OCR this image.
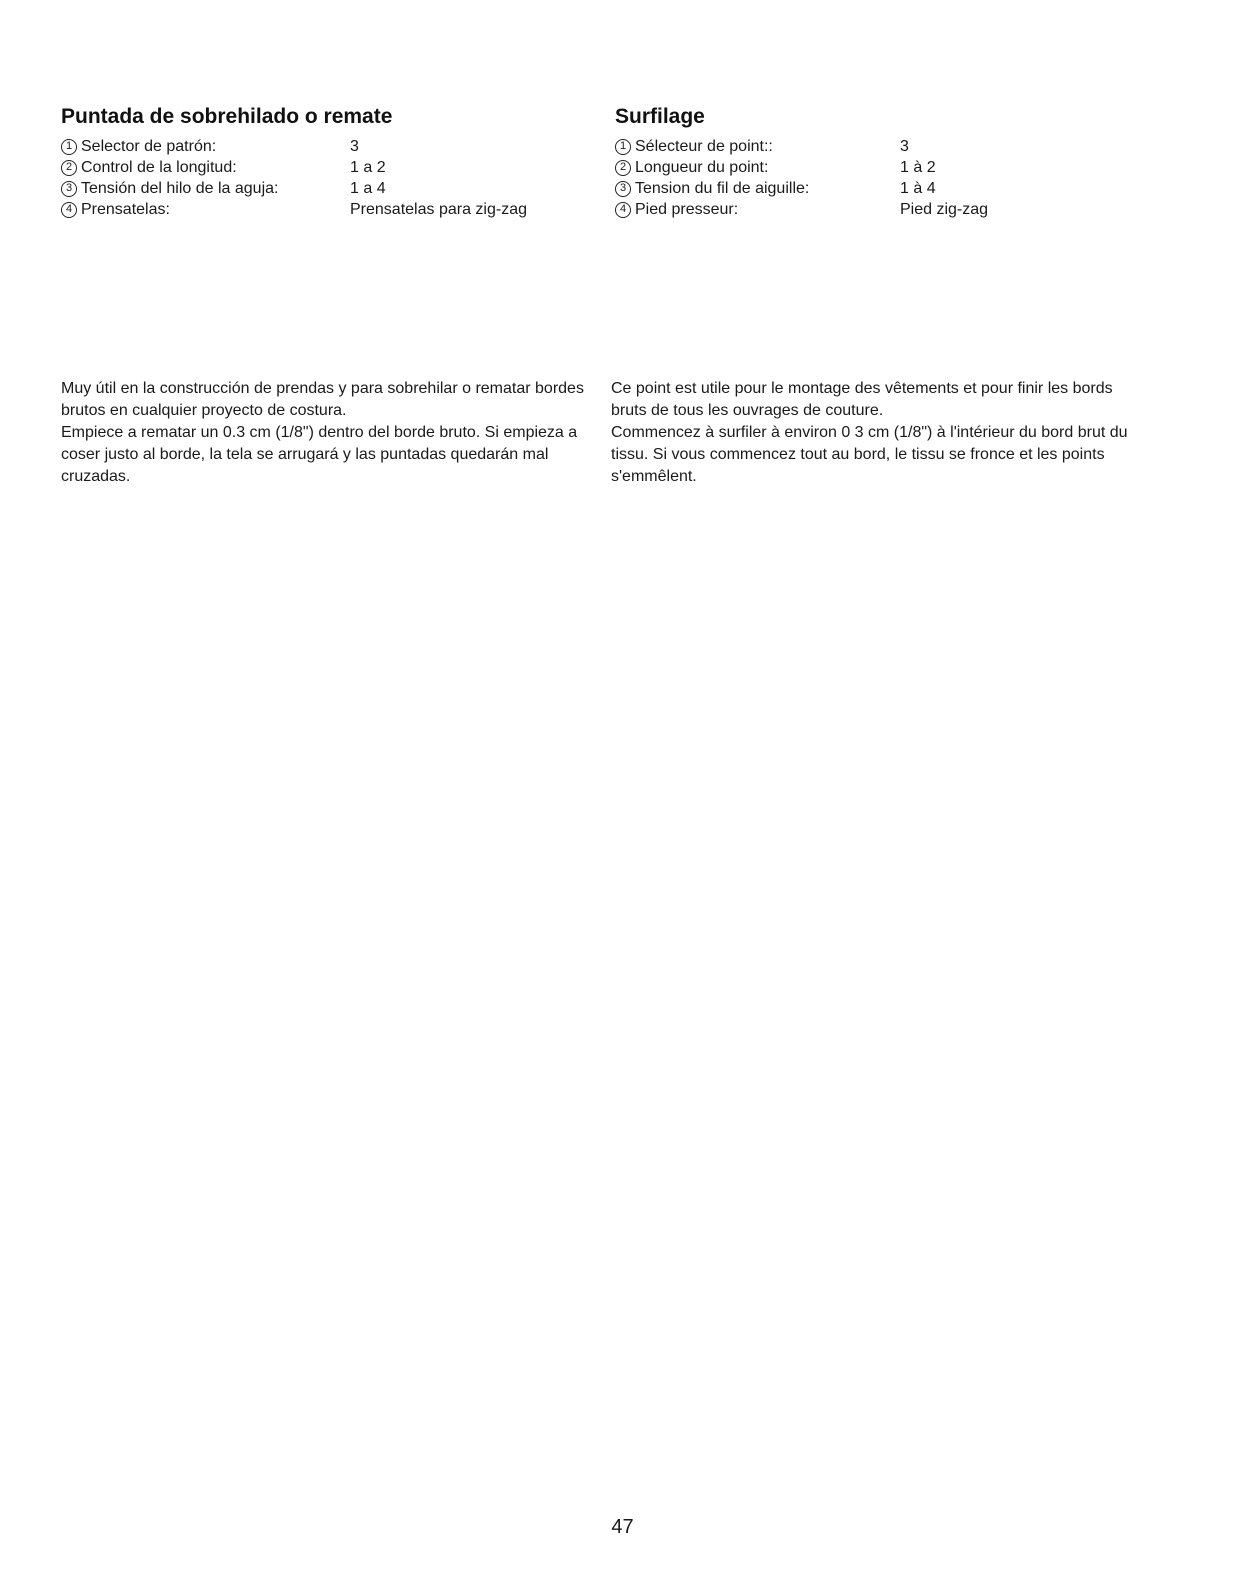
Puntada de sobrehilado o remate
1 Selector de patrón:	3
2 Control de la longitud:	1 a 2
3 Tensión del hilo de la aguja:	1 a 4
4 Prensatelas:	Prensatelas para zig-zag
Surfilage
1 Sélecteur de point::	3
2 Longueur du point:	1 à 2
3 Tension du fil de aiguille:	1 à 4
4 Pied presseur:	Pied zig-zag

Muy útil en la construcción de prendas y para sobrehilar o rematar bordes brutos en cualquier proyecto de costura.

Empiece a rematar un 0.3 cm (1/8") dentro del borde bruto. Si empieza a coser justo al borde, la tela se arrugará y las puntadas quedarán mal cruzadas.

Ce point est utile pour le montage des vêtements et pour finir les bords bruts de tous les ouvrages de couture.

Commencez à surfiler à environ 0 3 cm (1/8") à l'intérieur du bord brut du tissu. Si vous commencez tout au bord, le tissu se fronce et les points s'emmêlent.

47
